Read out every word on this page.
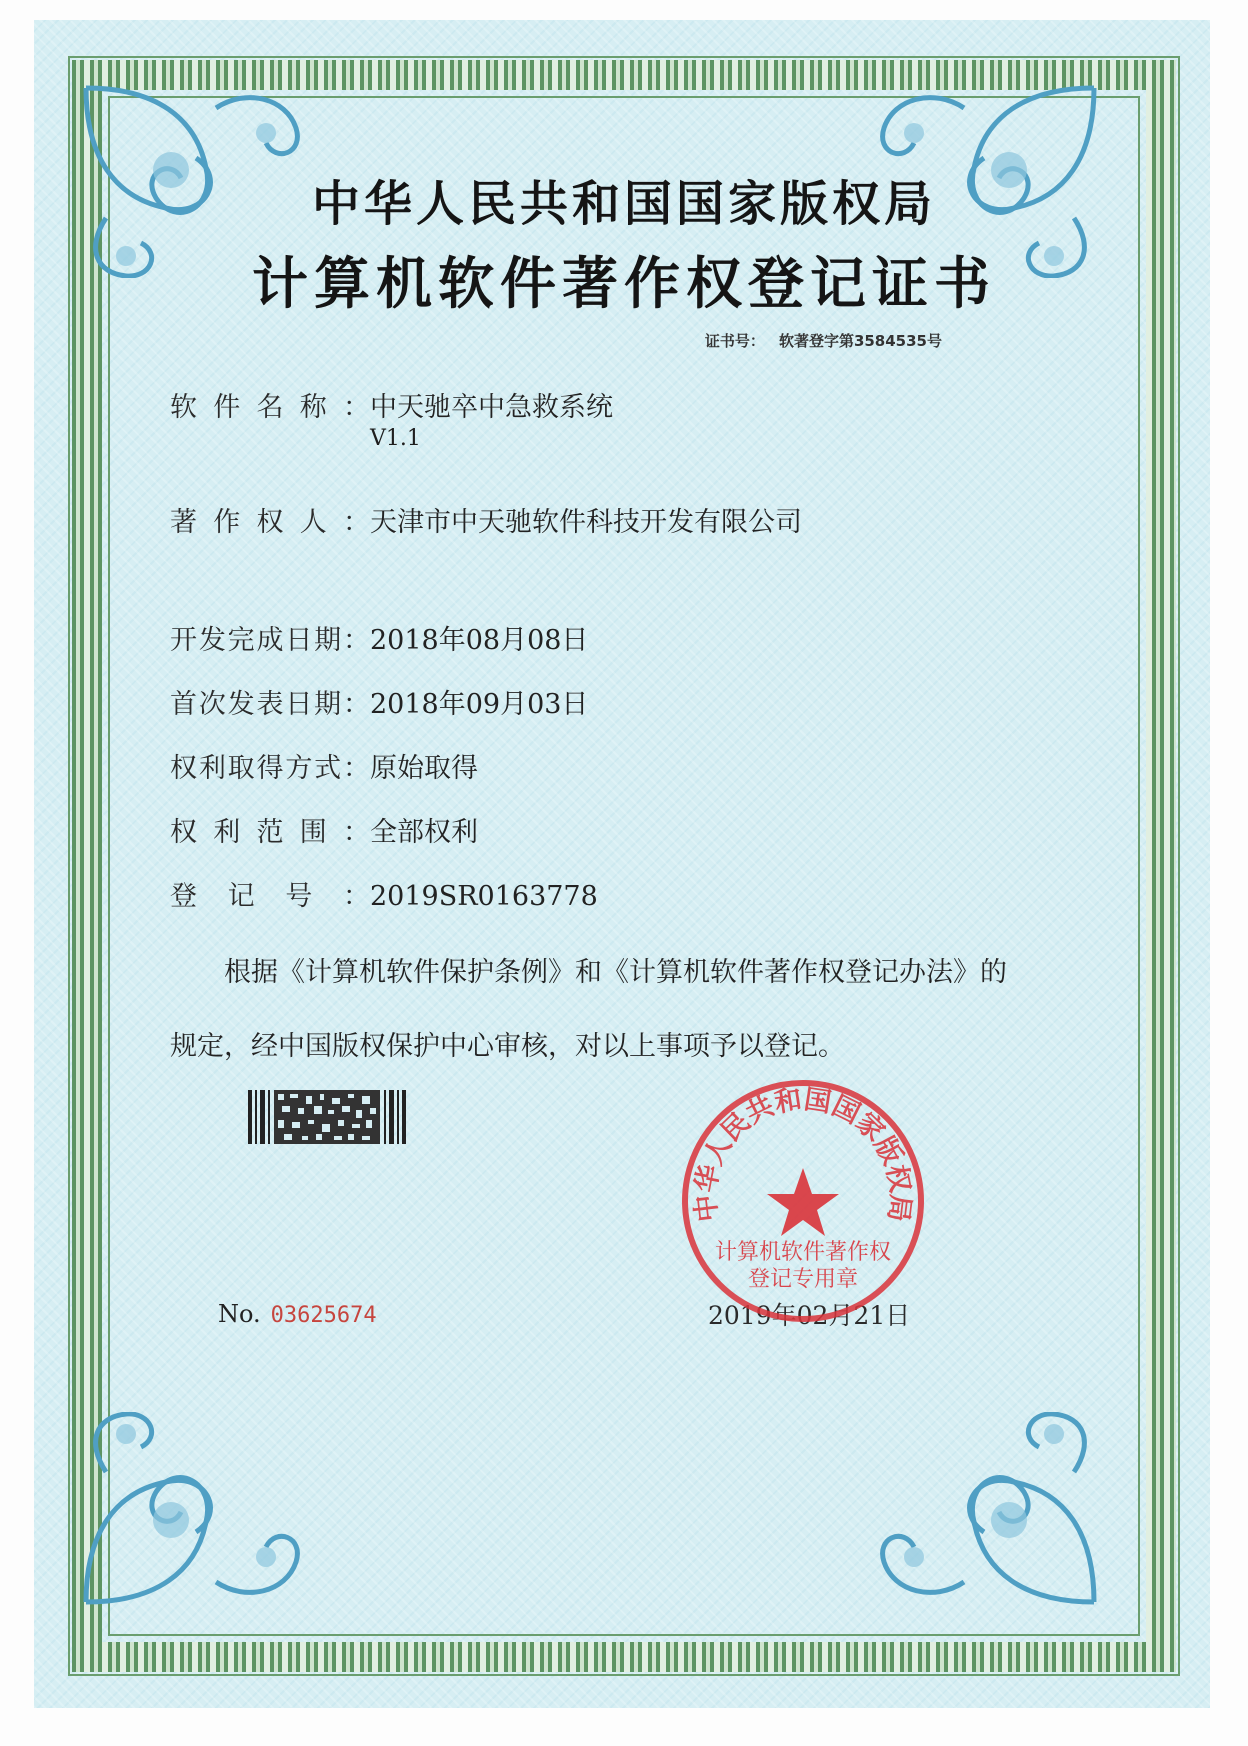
中华人民共和国国家版权局
计算机软件著作权登记证书
证书号： 软著登字第3584535号
软件名称：中天驰卒中急救系统
V1.1
著作权人：天津市中天驰软件科技开发有限公司
开发完成日期：2018年08月08日
首次发表日期：2018年09月03日
权利取得方式：原始取得
权利范围：全部权利
登记号：2019SR0163778
根据《计算机软件保护条例》和《计算机软件著作权登记办法》的
规定，经中国版权保护中心审核，对以上事项予以登记。
No. 03625674	2019年02月21日
中华人民共和国国家版权局
计算机软件著作权
登记专用章
